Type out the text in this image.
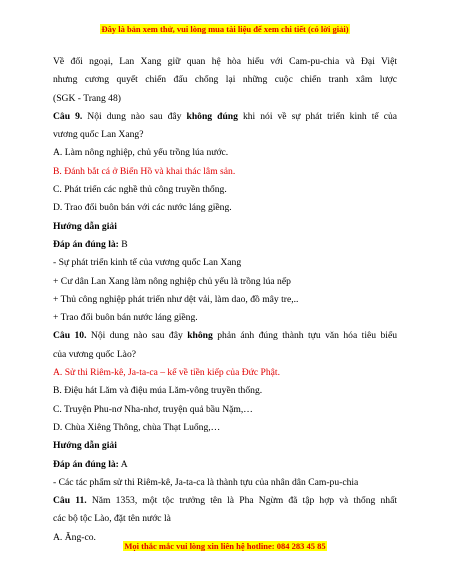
Đây là bản xem thử, vui lòng mua tài liệu để xem chi tiết (có lời giải)

Về đối ngoại, Lan Xang giữ quan hệ hòa hiếu với Cam-pu-chia và Đại Việt

nhưng cương quyết chiến đấu chống lại những cuộc chiến tranh xâm lược

(SGK - Trang 48)

Câu 9. Nội dung nào sau đây không đúng khi nói về sự phát triển kinh tế của

vương quốc Lan Xang?

A. Làm nông nghiệp, chủ yếu trồng lúa nước.

B. Đánh bắt cá ở Biển Hồ và khai thác lâm sản.

C. Phát triển các nghề thủ công truyền thống.

D. Trao đổi buôn bán với các nước láng giềng.

Hướng dẫn giải

Đáp án đúng là: B

- Sự phát triển kinh tế của vương quốc Lan Xang

+ Cư dân Lan Xang làm nông nghiệp chủ yếu là trồng lúa nếp

+ Thủ công nghiệp phát triển như dệt vải, làm dao, đồ mây tre,..

+ Trao đổi buôn bán nước láng giềng.

Câu 10. Nội dung nào sau đây không phản ánh đúng thành tựu văn hóa tiêu biểu

của vương quốc Lào?

A. Sử thi Riêm-kê, Ja-ta-ca – kể về tiền kiếp của Đức Phật.

B. Điệu hát Lăm và điệu múa Lăm-vông truyền thống.

C. Truyện Phu-nơ Nha-nhơ, truyện quả bầu Nặm,…

D. Chùa Xiêng Thông, chùa Thạt Luổng,…

Hướng dẫn giải

Đáp án đúng là: A

- Các tác phẩm sử thi Riêm-kê, Ja-ta-ca là thành tựu của nhân dân Cam-pu-chia

Câu 11. Năm 1353, một tộc trưởng tên là Pha Ngừm đã tập hợp và thống nhất

các bộ tộc Lào, đặt tên nước là

A. Ăng-co.

Mọi thắc mắc vui lòng xin liên hệ hotline: 084 283 45 85
